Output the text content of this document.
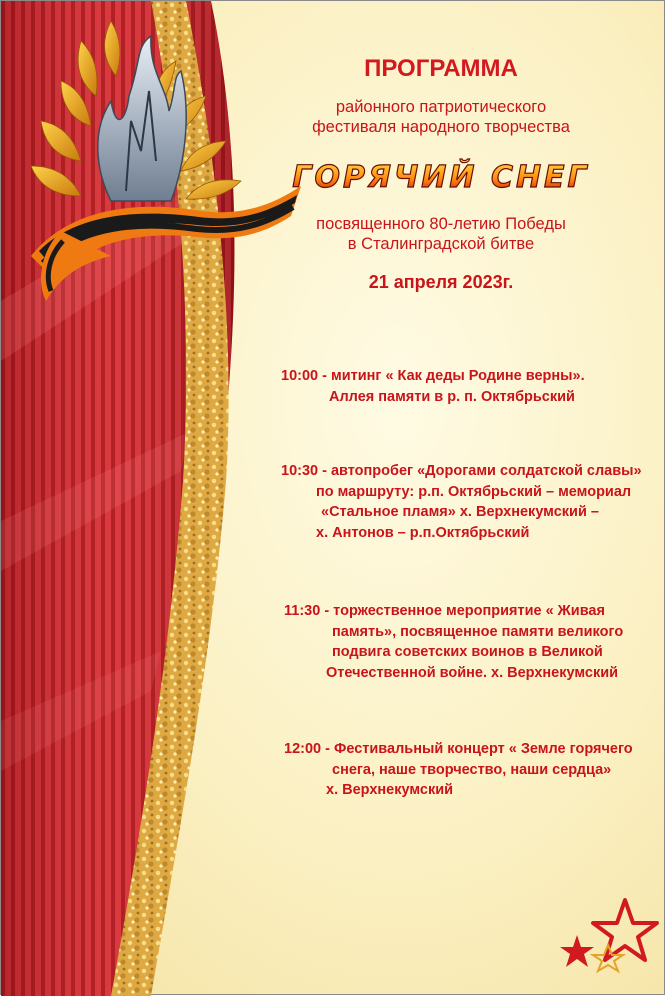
ПРОГРАММА
районного патриотического
фестиваля народного творчества
ГОРЯЧИЙ СНЕГ
посвященного 80-летию Победы
в Сталинградской битве
21 апреля 2023г.
10:00 - митинг « Как деды Родине верны».
Аллея памяти в р. п. Октябрьский
10:30 - автопробег «Дорогами солдатской славы»
по маршруту: р.п. Октябрьский – мемориал
«Стальное пламя» х. Верхнекумский –
х. Антонов – р.п.Октябрьский
11:30 - торжественное мероприятие « Живая
память», посвященное памяти великого
подвига советских воинов в Великой
Отечественной войне. х. Верхнекумский
12:00 - Фестивальный концерт « Земле горячего
снега, наше творчество, наши сердца»
х. Верхнекумский
